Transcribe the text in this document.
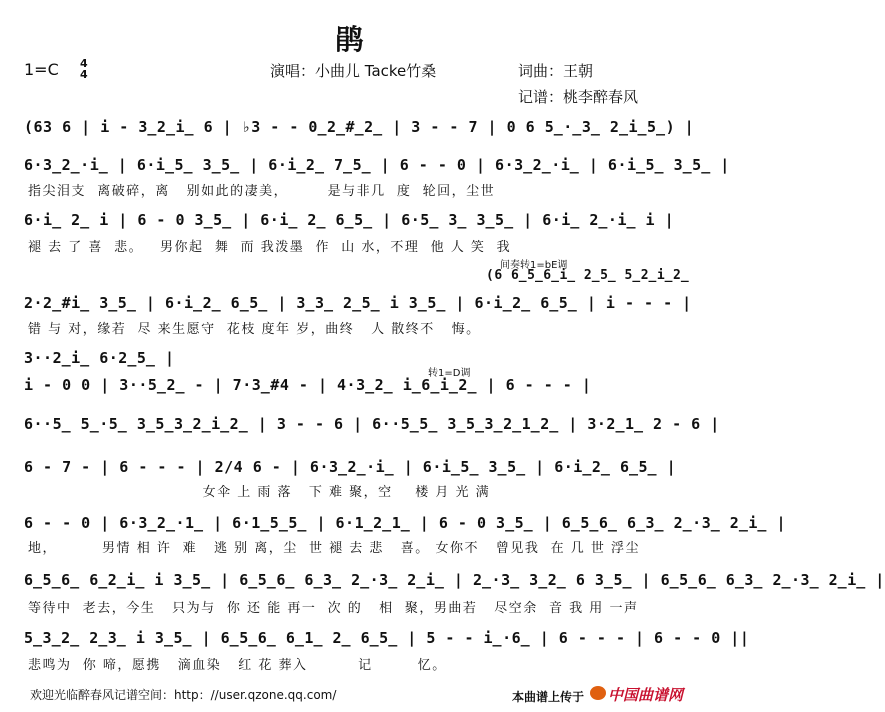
鹃
1=C 4
4	演唱：小曲儿 Tacke竹桑	词曲：王朝
记谱：桃李醉春风
(63 6 | i - 3̲2̲i̲ 6 | ♭3 - - 0̲2̲#̲2̲ | 3 - - 7 | 0 6 5̲·̲3̲ 2̲i̲5̲) |
6·3̲2̲·i̲ | 6·i̲5̲ 3̲5̲ | 6·i̲2̲ 7̲5̲ | 6 - - 0 | 6·3̲2̲·i̲ | 6·i̲5̲ 3̲5̲ |
指尖泪支  离破碎，离   别如此的凄美，       是与非几  度  轮回，尘世
6·i̲ 2̲ i | 6 - 0 3̲5̲ | 6·i̲ 2̲ 6̲5̲ | 6·5̲ 3̲ 3̲5̲ | 6·i̲ 2̲·i̲ i |
褪 去 了 喜  悲。   男你起  舞  而 我泼墨  作  山 水，不理  他 人 笑  我
间奏转1=bE调
(6 6̲5̲6̲i̲ 2̲5̲ 5̲2̲i̲2̲
2·2̲#i̲ 3̲5̲ | 6·i̲2̲ 6̲5̲ | 3̲3̲ 2̲5̲ i 3̲5̲ | 6·i̲2̲ 6̲5̲ | i - - - |
错 与 对，缘若  尽 来生愿守  花枝 度年 岁，曲终   人 散终不   悔。
3··2̲i̲ 6·2̲5̲ |
转1=D调
i - 0 0 | 3··5̲2̲ - | 7·3̲#4 - | 4·3̲2̲ i̲6̲i̲2̲ | 6 - - - |
6··5̲ 5̲·5̲ 3̲5̲3̲2̲i̲2̲ | 3 - - 6 | 6··5̲5̲ 3̲5̲3̲2̲1̲2̲ | 3·2̲1̲ 2 - 6 |
6 - 7 - | 6 - - - | 2/4 6 - | 6·3̲2̲·i̲ | 6·i̲5̲ 3̲5̲ | 6·i̲2̲ 6̲5̲ |
女伞 上 雨 落   下 难 聚，空    楼 月 光 满
6 - - 0 | 6·3̲2̲·1̲ | 6·1̲5̲5̲ | 6·1̲2̲1̲ | 6 - 0 3̲5̲ | 6̲5̲6̲ 6̲3̲ 2̲·3̲ 2̲i̲ |
地，        男情 相 许  难   逃 别 离，尘  世 褪 去 悲   喜。 女你不   曾见我  在 几 世 浮尘
6̲5̲6̲ 6̲2̲i̲ i 3̲5̲ | 6̲5̲6̲ 6̲3̲ 2̲·3̲ 2̲i̲ | 2̲·3̲ 3̲2̲ 6 3̲5̲ | 6̲5̲6̲ 6̲3̲ 2̲·3̲ 2̲i̲ |
等待中  老去，今生   只为与  你 还 能 再一  次 的   相  聚，男曲若   尽空余  音 我 用 一声
5̲3̲2̲ 2̲3̲ i 3̲5̲ | 6̲5̲6̲ 6̲1̲ 2̲ 6̲5̲ | 5 - - i̲·6̲ | 6 - - - | 6 - - 0 ||
悲鸣为  你 啼，愿携   滴血染   红 花 葬入         记        忆。
欢迎光临醉春风记谱空间：http：//user.qzone.qq.com/	本曲谱上传于 中国曲谱网
